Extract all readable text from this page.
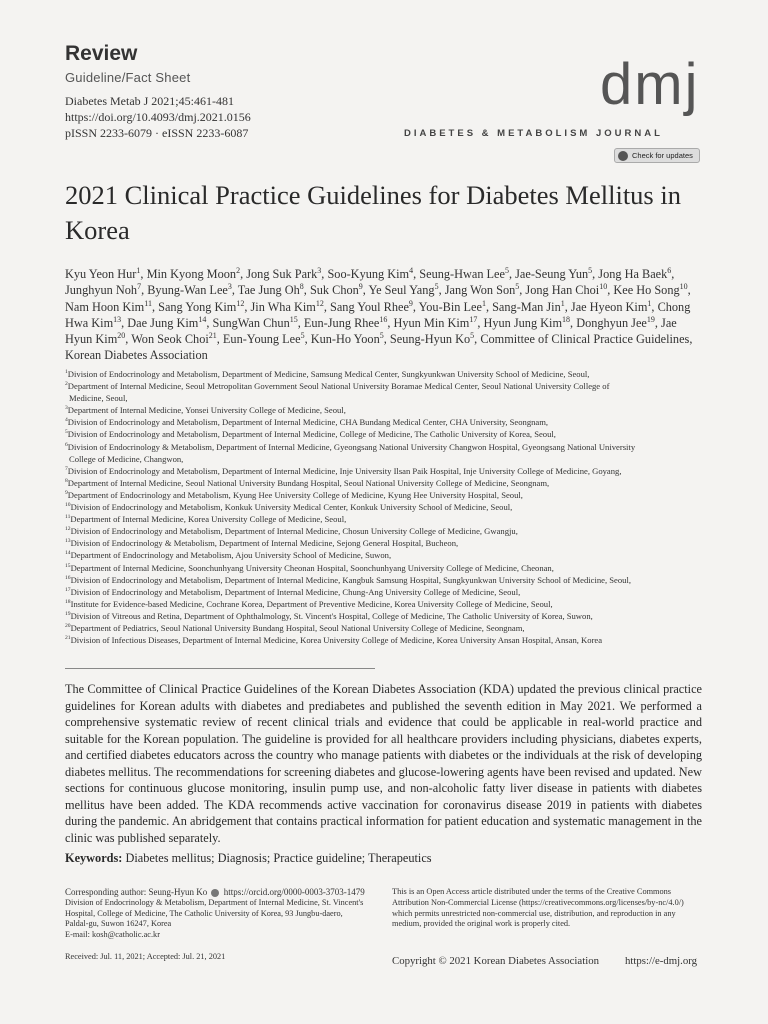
Review
Guideline/Fact Sheet
Diabetes Metab J 2021;45:461-481
https://doi.org/10.4093/dmj.2021.0156
pISSN 2233-6079 · eISSN 2233-6087
dmj
DIABETES & METABOLISM JOURNAL
Check for updates
2021 Clinical Practice Guidelines for Diabetes Mellitus in Korea
Kyu Yeon Hur$^1$, Min Kyong Moon$^2$, Jong Suk Park$^3$, Soo-Kyung Kim$^4$, Seung-Hwan Lee$^5$, Jae-Seung Yun$^5$, Jong Ha Baek$^6$, Junghyun Noh$^7$, Byung-Wan Lee$^3$, Tae Jung Oh$^8$, Suk Chon$^9$, Ye Seul Yang$^5$, Jang Won Son$^5$, Jong Han Choi$^{10}$, Kee Ho Song$^{10}$, Nam Hoon Kim$^{11}$, Sang Yong Kim$^{12}$, Jin Wha Kim$^{12}$, Sang Youl Rhee$^9$, You-Bin Lee$^1$, Sang-Man Jin$^1$, Jae Hyeon Kim$^1$, Chong Hwa Kim$^{13}$, Dae Jung Kim$^{14}$, SungWan Chun$^{15}$, Eun-Jung Rhee$^{16}$, Hyun Min Kim$^{17}$, Hyun Jung Kim$^{18}$, Donghyun Jee$^{19}$, Jae Hyun Kim$^{20}$, Won Seok Choi$^{21}$, Eun-Young Lee$^5$, Kun-Ho Yoon$^5$, Seung-Hyun Ko$^5$, Committee of Clinical Practice Guidelines, Korean Diabetes Association
$^1$Division of Endocrinology and Metabolism, Department of Medicine, Samsung Medical Center, Sungkyunkwan University School of Medicine, Seoul,
$^2$Department of Internal Medicine, Seoul Metropolitan Government Seoul National University Boramae Medical Center, Seoul National University College of
Medicine, Seoul,
$^3$Department of Internal Medicine, Yonsei University College of Medicine, Seoul,
$^4$Division of Endocrinology and Metabolism, Department of Internal Medicine, CHA Bundang Medical Center, CHA University, Seongnam,
$^5$Division of Endocrinology and Metabolism, Department of Internal Medicine, College of Medicine, The Catholic University of Korea, Seoul,
$^6$Division of Endocrinology & Metabolism, Department of Internal Medicine, Gyeongsang National University Changwon Hospital, Gyeongsang National University
College of Medicine, Changwon,
$^7$Division of Endocrinology and Metabolism, Department of Internal Medicine, Inje University Ilsan Paik Hospital, Inje University College of Medicine, Goyang,
$^8$Department of Internal Medicine, Seoul National University Bundang Hospital, Seoul National University College of Medicine, Seongnam,
$^9$Department of Endocrinology and Metabolism, Kyung Hee University College of Medicine, Kyung Hee University Hospital, Seoul,
$^{10}$Division of Endocrinology and Metabolism, Konkuk University Medical Center, Konkuk University School of Medicine, Seoul,
$^{11}$Department of Internal Medicine, Korea University College of Medicine, Seoul,
$^{12}$Division of Endocrinology and Metabolism, Department of Internal Medicine, Chosun University College of Medicine, Gwangju,
$^{13}$Division of Endocrinology & Metabolism, Department of Internal Medicine, Sejong General Hospital, Bucheon,
$^{14}$Department of Endocrinology and Metabolism, Ajou University School of Medicine, Suwon,
$^{15}$Department of Internal Medicine, Soonchunhyang University Cheonan Hospital, Soonchunhyang University College of Medicine, Cheonan,
$^{16}$Division of Endocrinology and Metabolism, Department of Internal Medicine, Kangbuk Samsung Hospital, Sungkyunkwan University School of Medicine, Seoul,
$^{17}$Division of Endocrinology and Metabolism, Department of Internal Medicine, Chung-Ang University College of Medicine, Seoul,
$^{18}$Institute for Evidence-based Medicine, Cochrane Korea, Department of Preventive Medicine, Korea University College of Medicine, Seoul,
$^{19}$Division of Vitreous and Retina, Department of Ophthalmology, St. Vincent's Hospital, College of Medicine, The Catholic University of Korea, Suwon,
$^{20}$Department of Pediatrics, Seoul National University Bundang Hospital, Seoul National University College of Medicine, Seongnam,
$^{21}$Division of Infectious Diseases, Department of Internal Medicine, Korea University College of Medicine, Korea University Ansan Hospital, Ansan, Korea
The Committee of Clinical Practice Guidelines of the Korean Diabetes Association (KDA) updated the previous clinical practice guidelines for Korean adults with diabetes and prediabetes and published the seventh edition in May 2021. We performed a comprehensive systematic review of recent clinical trials and evidence that could be applicable in real-world practice and suitable for the Korean population. The guideline is provided for all healthcare providers including physicians, diabetes experts, and certified diabetes educators across the country who manage patients with diabetes or the individuals at the risk of developing diabetes mellitus. The recommendations for screening diabetes and glucose-lowering agents have been revised and updated. New sections for continuous glucose monitoring, insulin pump use, and non-alcoholic fatty liver disease in patients with diabetes mellitus have been added. The KDA recommends active vaccination for coronavirus disease 2019 in patients with diabetes during the pandemic. An abridgement that contains practical information for patient education and systematic management in the clinic was published separately.
Keywords: Diabetes mellitus; Diagnosis; Practice guideline; Therapeutics
Corresponding author: Seung-Hyun Ko https://orcid.org/0000-0003-3703-1479
Division of Endocrinology & Metabolism, Department of Internal Medicine, St. Vincent's
Hospital, College of Medicine, The Catholic University of Korea, 93 Jungbu-daero,
Paldal-gu, Suwon 16247, Korea
E-mail: kosh@catholic.ac.kr
Received: Jul. 11, 2021; Accepted: Jul. 21, 2021
This is an Open Access article distributed under the terms of the Creative Commons
Attribution Non-Commercial License (https://creativecommons.org/licenses/by-nc/4.0/)
which permits unrestricted non-commercial use, distribution, and reproduction in any
medium, provided the original work is properly cited.
Copyright © 2021 Korean Diabetes Association https://e-dmj.org
